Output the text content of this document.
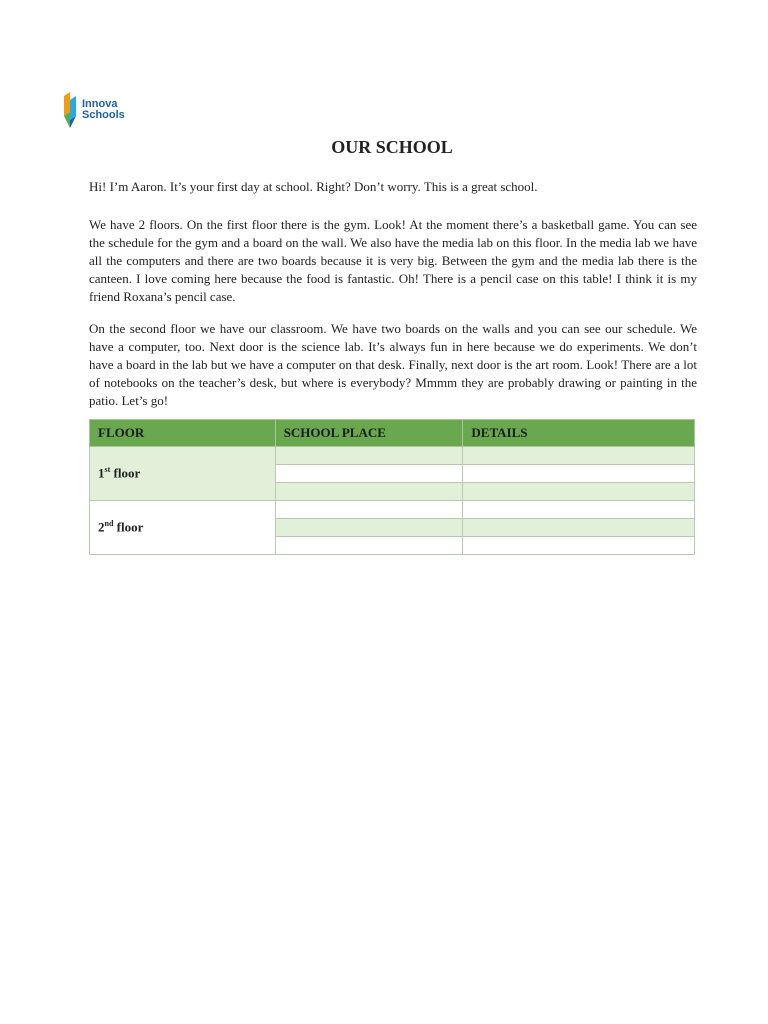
Innova
Schools
OUR SCHOOL

Hi! I’m Aaron. It’s your first day at school. Right? Don’t worry. This is a great school.

We have 2 floors. On the first floor there is the gym. Look! At the moment there’s a basketball game. You can see the schedule for the gym and a board on the wall. We also have the media lab on this floor. In the media lab we have all the computers and there are two boards because it is very big. Between the gym and the media lab there is the canteen. I love coming here because the food is fantastic. Oh! There is a pencil case on this table! I think it is my friend Roxana’s pencil case.

On the second floor we have our classroom. We have two boards on the walls and you can see our schedule. We have a computer, too. Next door is the science lab. It’s always fun in here because we do experiments. We don’t have a board in the lab but we have a computer on that desk. Finally, next door is the art room. Look! There are a lot of notebooks on the teacher’s desk, but where is everybody? Mmmm they are probably drawing or painting in the patio. Let’s go!

FLOOR	SCHOOL PLACE	DETAILS
1st floor		

2nd floor		
